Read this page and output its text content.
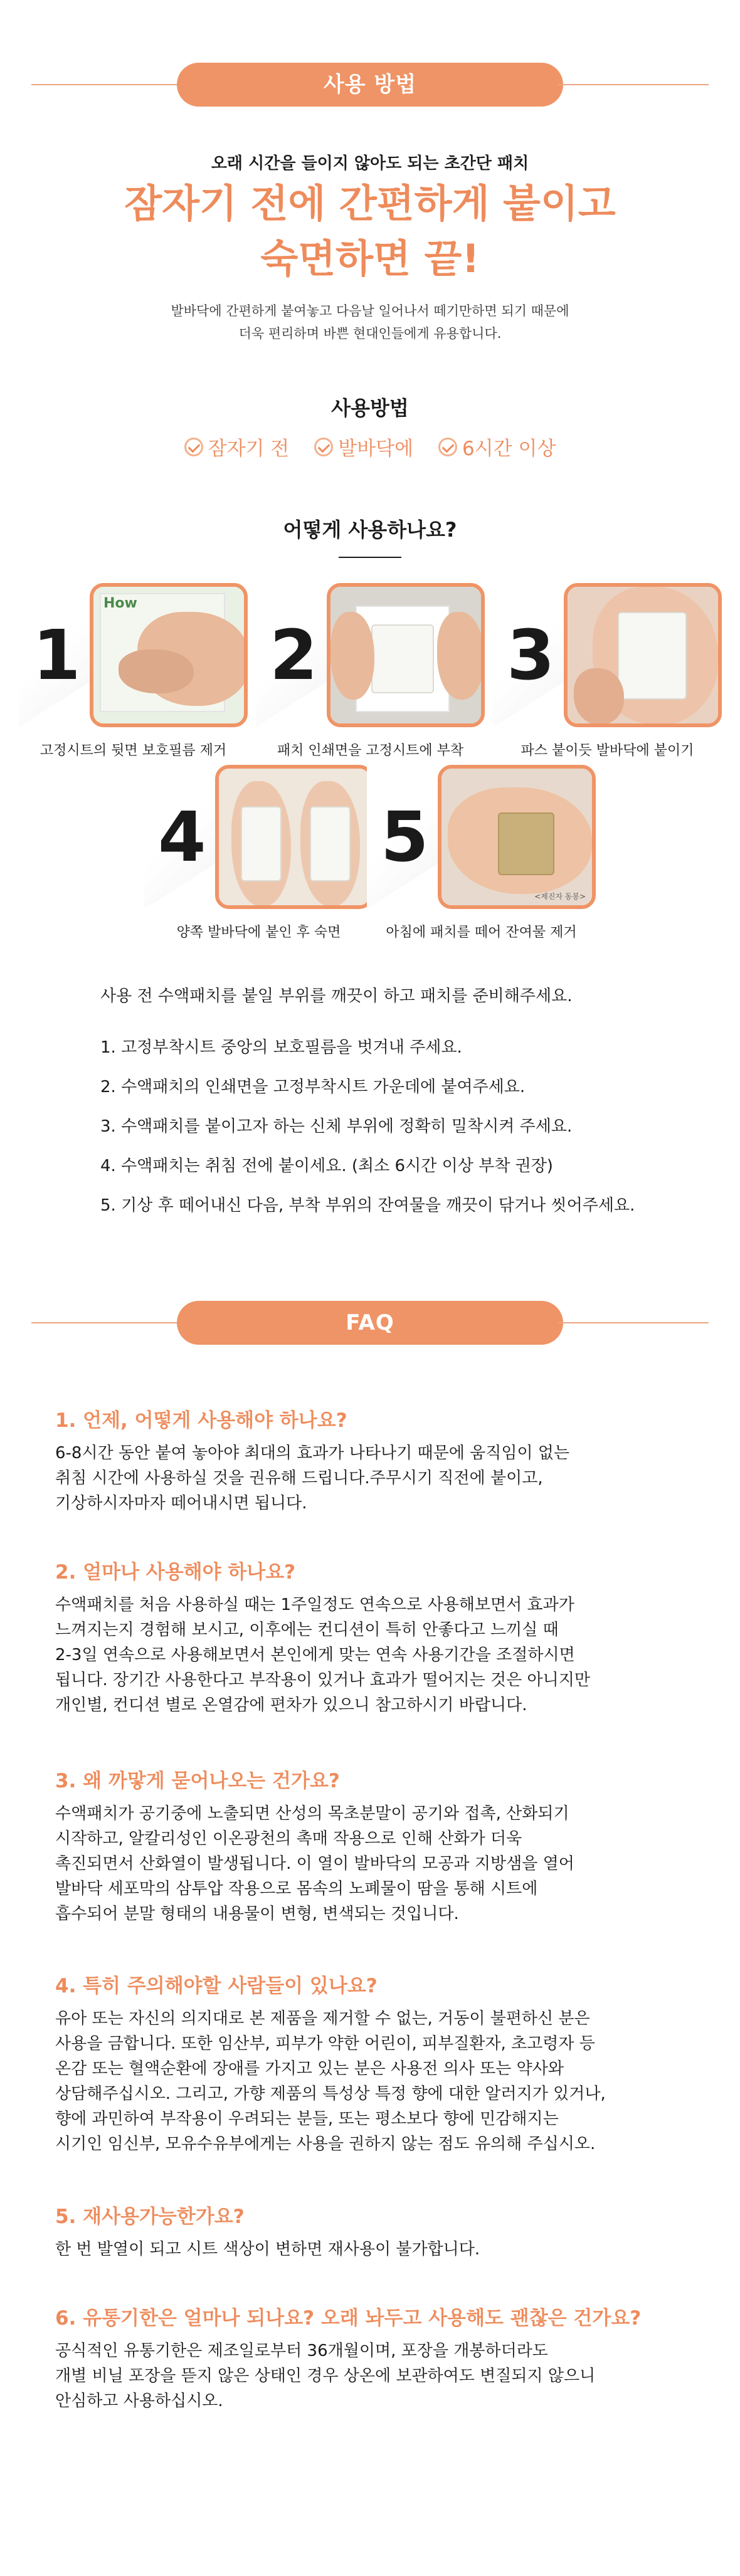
사용 방법
오래 시간을 들이지 않아도 되는 초간단 패치
잠자기 전에 간편하게 붙이고
숙면하면 끝!
발바닥에 간편하게 붙여놓고 다음날 일어나서 떼기만하면 되기 때문에
더욱 편리하며 바쁜 현대인들에게 유용합니다.
사용방법
잠자기 전	발바닥에	6시간 이상
어떻게 사용하나요?
How
1
고정시트의 뒷면 보호필름 제거
2
패치 인쇄면을 고정시트에 부착
3
파스 붙이듯 발바닥에 붙이기
4
양쪽 발바닥에 붙인 후 숙면
<제진자 동봉>
5
아침에 패치를 떼어 잔여물 제거
사용 전 수액패치를 붙일 부위를 깨끗이 하고 패치를 준비해주세요.
1. 고정부착시트 중앙의 보호필름을 벗겨내 주세요.
2. 수액패치의 인쇄면을 고정부착시트 가운데에 붙여주세요.
3. 수액패치를 붙이고자 하는 신체 부위에 정확히 밀착시켜 주세요.
4. 수액패치는 취침 전에 붙이세요. (최소 6시간 이상 부착 권장)
5. 기상 후 떼어내신 다음, 부착 부위의 잔여물을 깨끗이 닦거나 씻어주세요.
FAQ
1. 언제, 어떻게 사용해야 하나요?
6-8시간 동안 붙여 놓아야 최대의 효과가 나타나기 때문에 움직임이 없는
취침 시간에 사용하실 것을 권유해 드립니다.주무시기 직전에 붙이고,
기상하시자마자 떼어내시면 됩니다.
2. 얼마나 사용해야 하나요?
수액패치를 처음 사용하실 때는 1주일정도 연속으로 사용해보면서 효과가
느껴지는지 경험해 보시고, 이후에는 컨디션이 특히 안좋다고 느끼실 때
2-3일 연속으로 사용해보면서 본인에게 맞는 연속 사용기간을 조절하시면
됩니다. 장기간 사용한다고 부작용이 있거나 효과가 떨어지는 것은 아니지만
개인별, 컨디션 별로 온열감에 편차가 있으니 참고하시기 바랍니다.
3. 왜 까맣게 묻어나오는 건가요?
수액패치가 공기중에 노출되면 산성의 목초분말이 공기와 접촉, 산화되기
시작하고, 알칼리성인 이온광천의 촉매 작용으로 인해 산화가 더욱
촉진되면서 산화열이 발생됩니다. 이 열이 발바닥의 모공과 지방샘을 열어
발바닥 세포막의 삼투압 작용으로 몸속의 노폐물이 땀을 통해 시트에
흡수되어 분말 형태의 내용물이 변형, 변색되는 것입니다.
4. 특히 주의해야할 사람들이 있나요?
유아 또는 자신의 의지대로 본 제품을 제거할 수 없는, 거동이 불편하신 분은
사용을 금합니다. 또한 임산부, 피부가 약한 어린이, 피부질환자, 초고령자 등
온감 또는 혈액순환에 장애를 가지고 있는 분은 사용전 의사 또는 약사와
상담해주십시오. 그리고, 가향 제품의 특성상 특정 향에 대한 알러지가 있거나,
향에 과민하여 부작용이 우려되는 분들, 또는 평소보다 향에 민감해지는
시기인 임신부, 모유수유부에게는 사용을 권하지 않는 점도 유의해 주십시오.
5. 재사용가능한가요?
한 번 발열이 되고 시트 색상이 변하면 재사용이 불가합니다.
6. 유통기한은 얼마나 되나요? 오래 놔두고 사용해도 괜찮은 건가요?
공식적인 유통기한은 제조일로부터 36개월이며, 포장을 개봉하더라도
개별 비닐 포장을 뜯지 않은 상태인 경우 상온에 보관하여도 변질되지 않으니
안심하고 사용하십시오.
